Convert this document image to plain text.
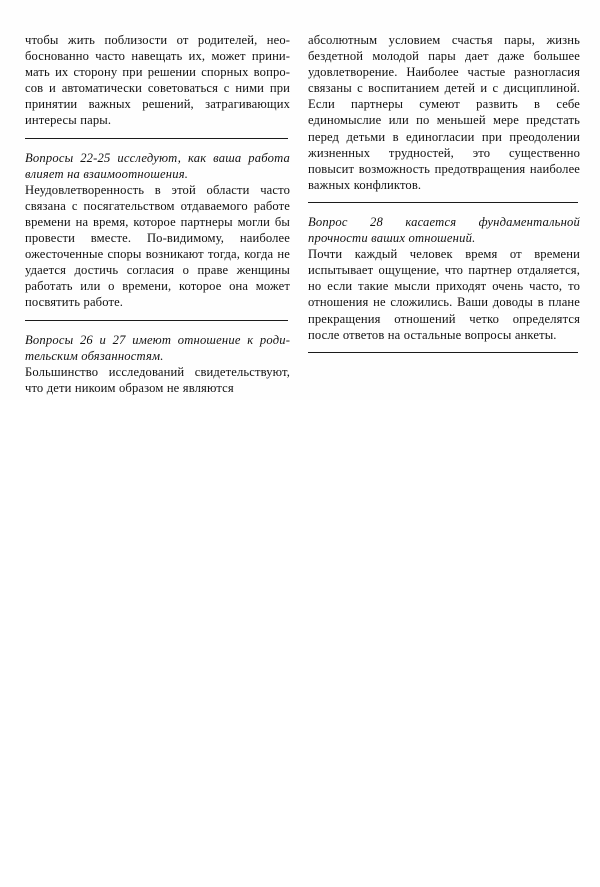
чтобы жить поблизости от родителей, необоснованно часто навещать их, может принимать их сторону при решении спорных вопросов и автоматически советоваться с ними при принятии важных решений, затрагивающих интересы пары.

Вопросы 22-25 исследуют, как ваша работа влияет на взаимоотношения.

Неудовлетворенность в этой области часто связана с посягательством отдаваемого работе времени на время, которое партнеры могли бы провести вместе. По-видимому, наиболее ожесточенные споры возникают тогда, когда не удается достичь согласия о праве женщины работать или о времени, которое она может посвятить работе.

Вопросы 26 и 27 имеют отношение к родительским обязанностям.

Большинство исследований свидетельствуют, что дети никоим образом не являются

абсолютным условием счастья пары, жизнь бездетной молодой пары дает даже большее удовлетворение. Наиболее частые разногласия связаны с воспитанием детей и с дисциплиной. Если партнеры сумеют развить в себе единомыслие или по меньшей мере предстать перед детьми в единогласии при преодолении жизненных трудностей, это существенно повысит возможность предотвращения наиболее важных конфликтов.

Вопрос 28 касается фундаментальной прочности ваших отношений.

Почти каждый человек время от времени испытывает ощущение, что партнер отдаляется, но если такие мысли приходят очень часто, то отношения не сложились. Ваши доводы в плане прекращения отношений четко определятся после ответов на остальные вопросы анкеты.
